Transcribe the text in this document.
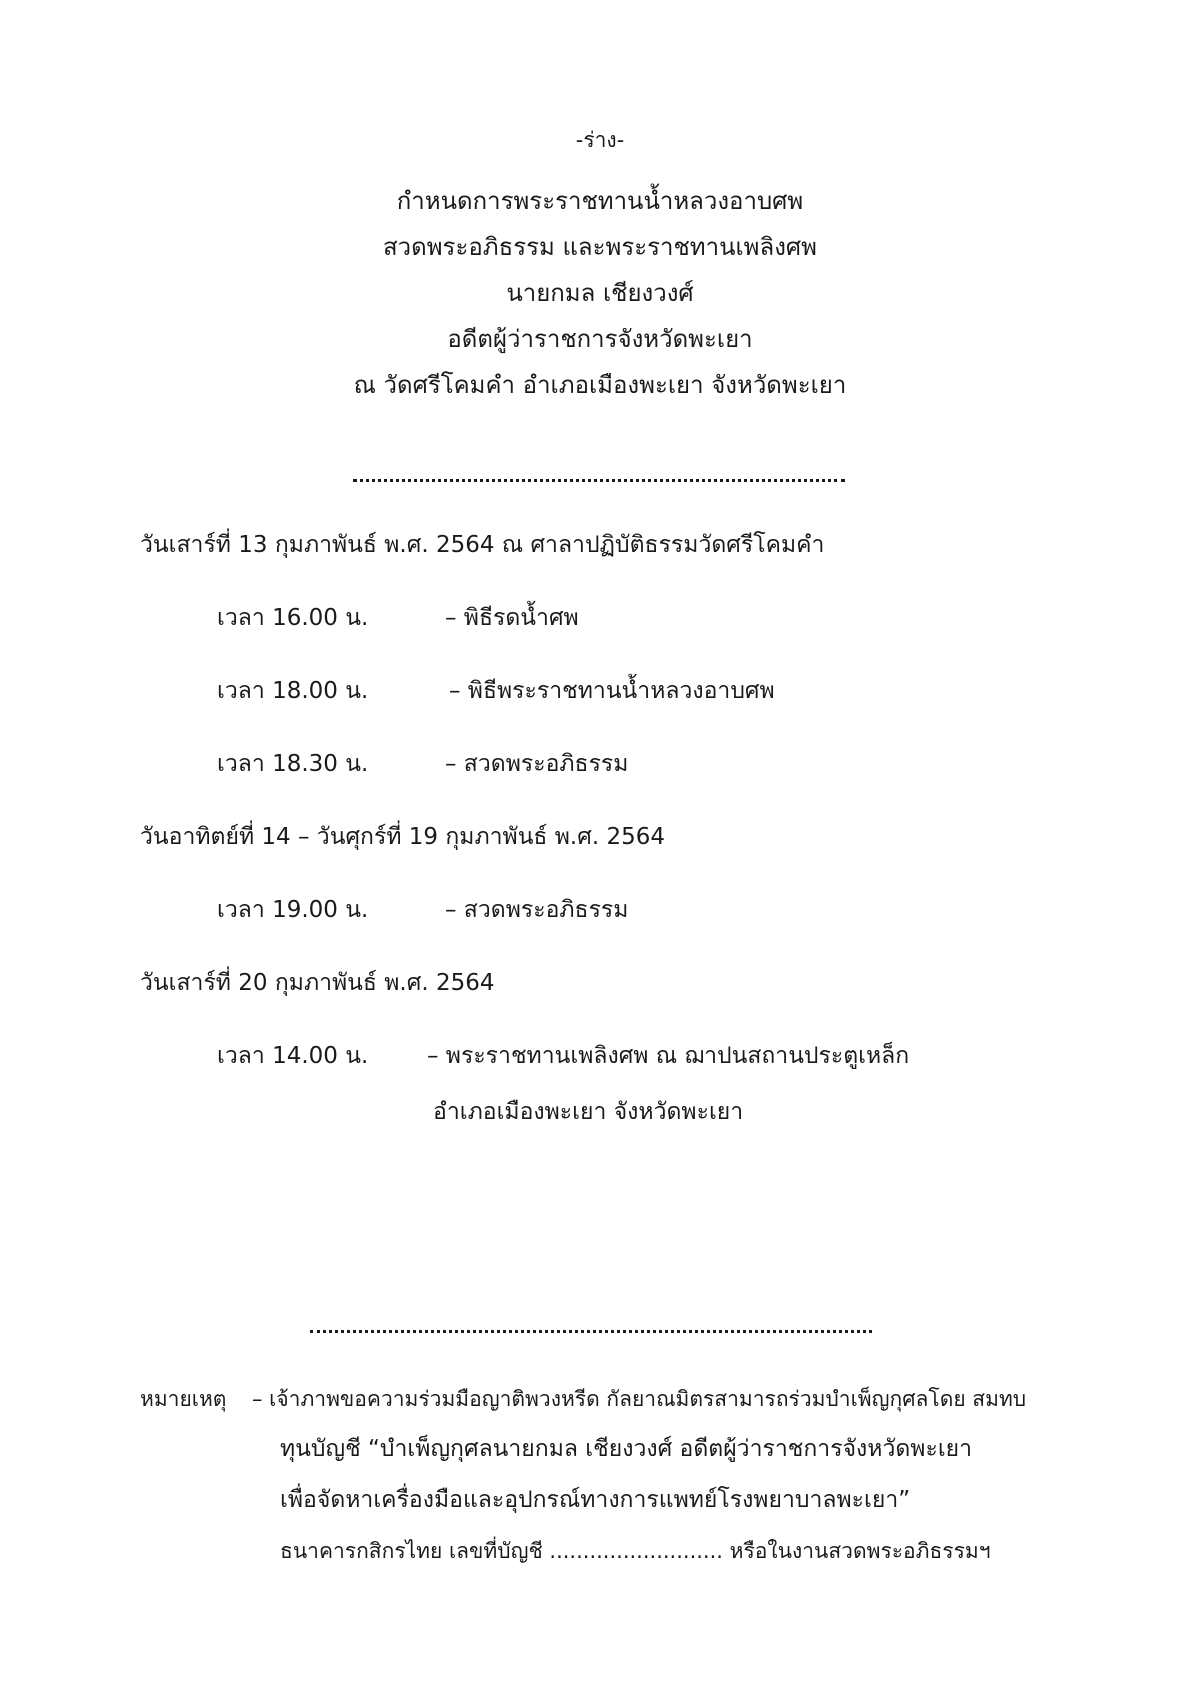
-ร่าง-
กำหนดการพระราชทานน้ำหลวงอาบศพ
สวดพระอภิธรรม และพระราชทานเพลิงศพ
นายกมล เชียงวงศ์
อดีตผู้ว่าราชการจังหวัดพะเยา
ณ วัดศรีโคมคำ อำเภอเมืองพะเยา จังหวัดพะเยา
วันเสาร์ที่ 13 กุมภาพันธ์ พ.ศ. 2564 ณ ศาลาปฏิบัติธรรมวัดศรีโคมคำ
เวลา 16.00 น.	– พิธีรดน้ำศพ
เวลา 18.00 น.	– พิธีพระราชทานน้ำหลวงอาบศพ
เวลา 18.30 น.	– สวดพระอภิธรรม
วันอาทิตย์ที่ 14 – วันศุกร์ที่ 19 กุมภาพันธ์ พ.ศ. 2564
เวลา 19.00 น.	– สวดพระอภิธรรม
วันเสาร์ที่ 20 กุมภาพันธ์ พ.ศ. 2564
เวลา 14.00 น.	– พระราชทานเพลิงศพ ณ ฌาปนสถานประตูเหล็ก
อำเภอเมืองพะเยา จังหวัดพะเยา
หมายเหตุ – เจ้าภาพขอความร่วมมือญาติพวงหรีด กัลยาณมิตรสามารถร่วมบำเพ็ญกุศลโดย สมทบ
ทุนบัญชี “บำเพ็ญกุศลนายกมล เชียงวงศ์ อดีตผู้ว่าราชการจังหวัดพะเยา
เพื่อจัดหาเครื่องมือและอุปกรณ์ทางการแพทย์โรงพยาบาลพะเยา”
ธนาคารกสิกรไทย เลขที่บัญชี .......................... หรือในงานสวดพระอภิธรรมฯ
